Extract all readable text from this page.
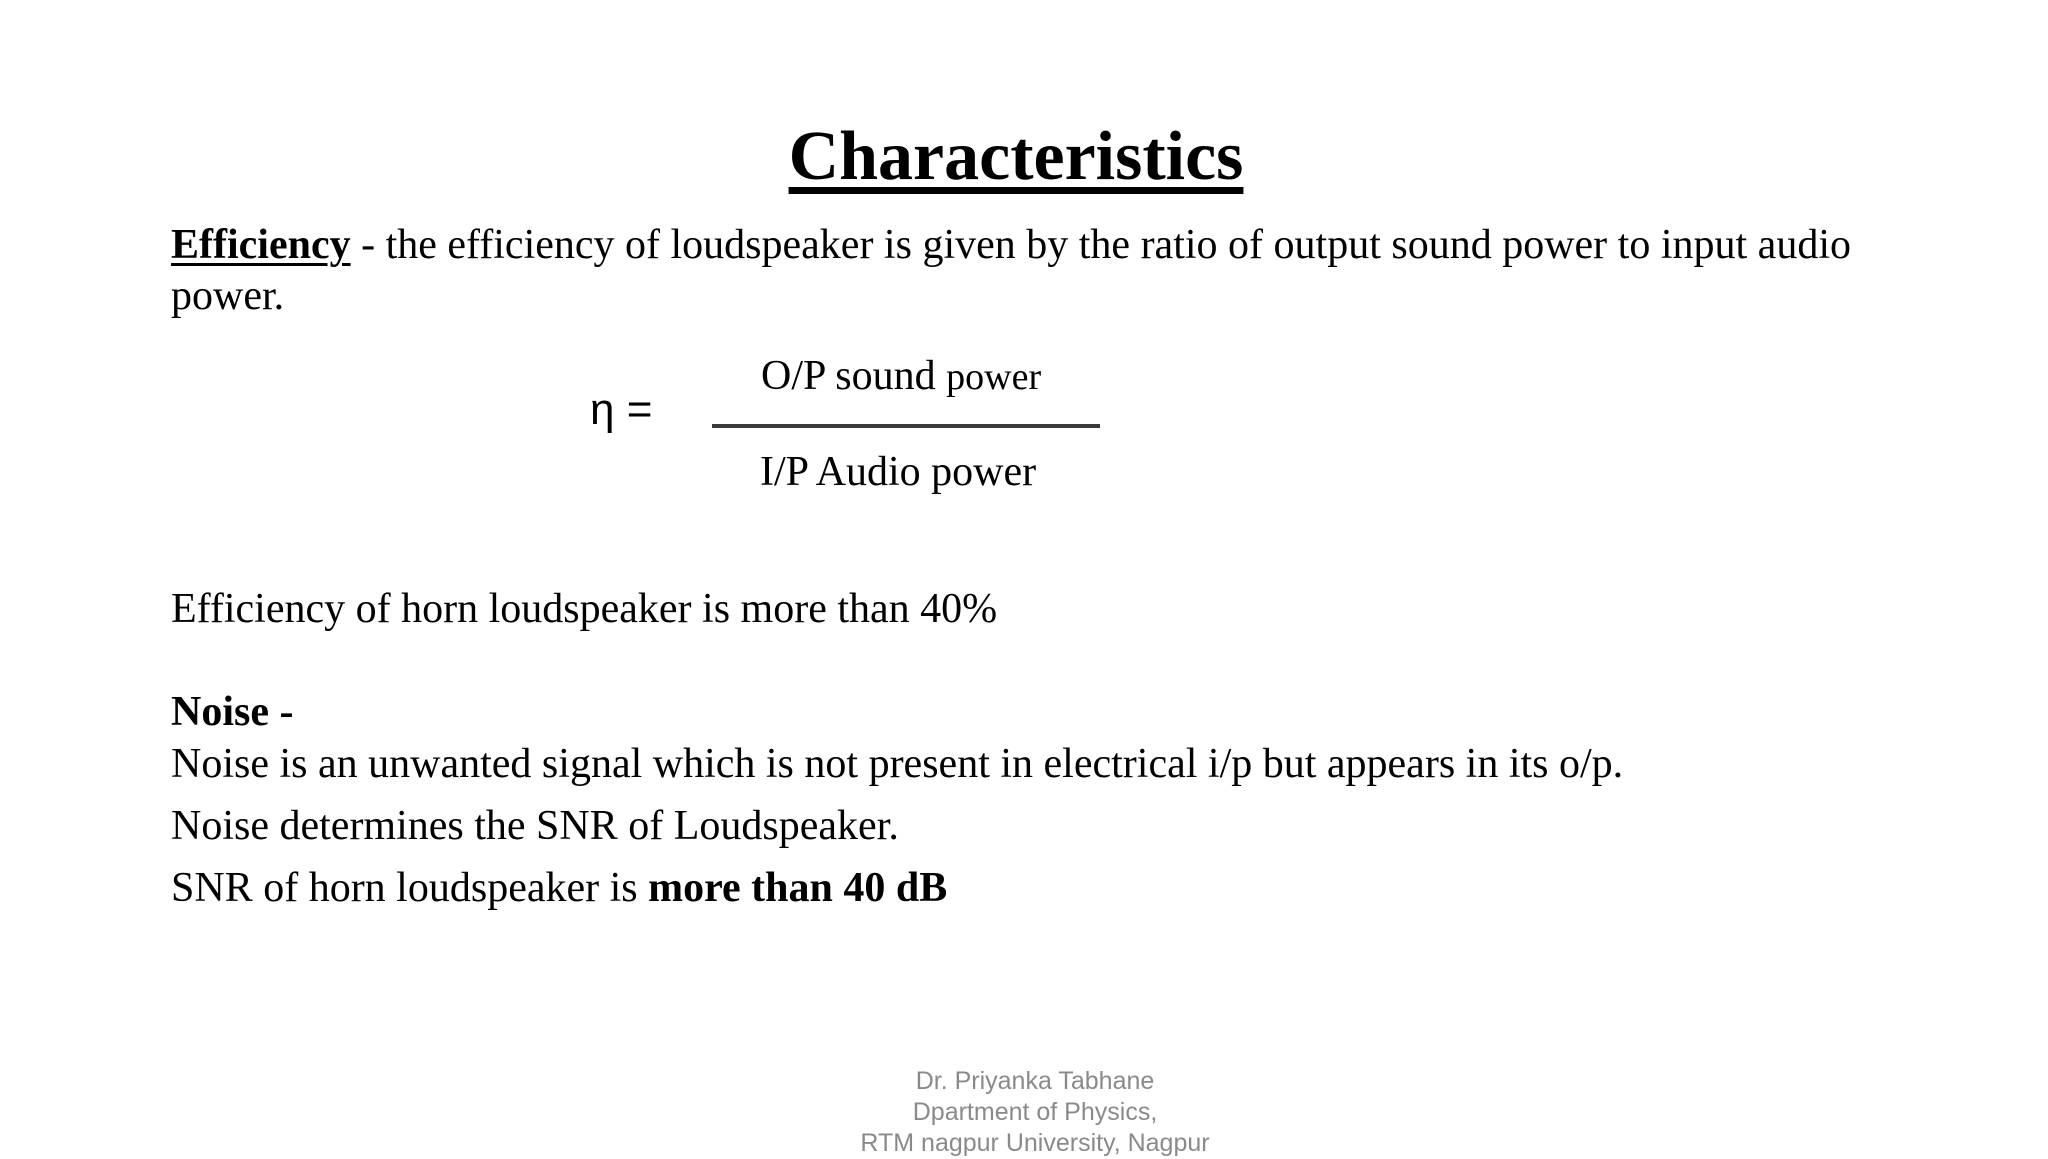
Characteristics
Efficiency - the efficiency of loudspeaker is given by the ratio of output sound power to input audio power.
η =
O/P sound power
I/P Audio power
Efficiency of horn loudspeaker is more than 40%
Noise -
Noise is an unwanted signal which is not present in electrical i/p but appears in its o/p.
Noise determines the SNR of Loudspeaker.
SNR of horn loudspeaker is more than 40 dB
Dr. Priyanka Tabhane
Dpartment of Physics,
RTM nagpur University, Nagpur
